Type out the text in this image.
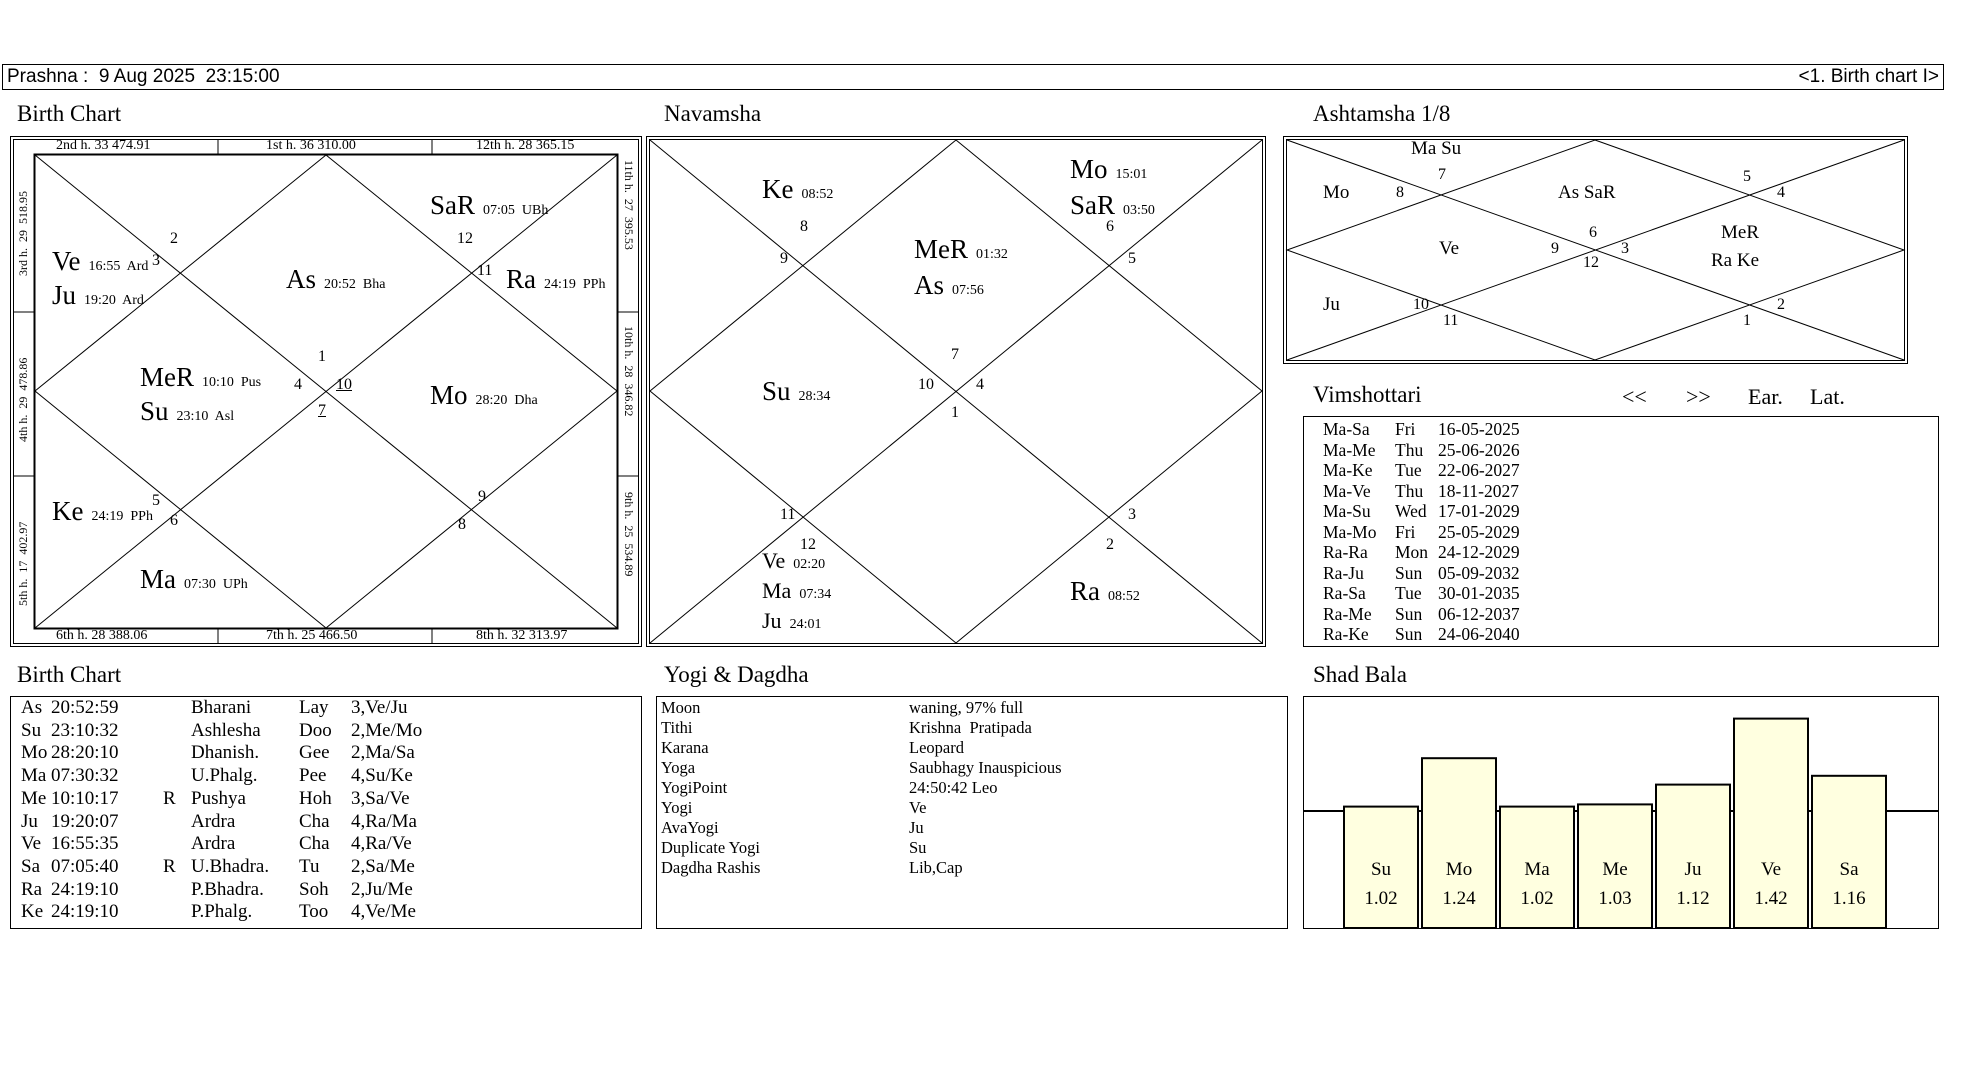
Prashna :  9 Aug 2025  23:15:00	<1. Birth chart I>
Birth Chart	Navamsha	Ashtamsha 1/8
Vimshottari
Birth Chart	Yogi & Dagdha	Shad Bala
2nd h. 33 474.91	1st h. 36 310.00	12th h. 28 365.15
6th h. 28 388.06	7th h. 25 466.50	8th h. 32 313.97
3rd h.  29  518.95
4th h.  29  478.86
5th h.  17  402.97
11th h.  27  395.53
10th h.  28  346.82
9th h.  25  534.89
SaR 07:05  UBh
Ve 16:55  Ard
Ju 19:20  Ard
As 20:52  Bha	Ra 24:19  PPh
MeR 10:10  Pus
Su 23:10  Asl
Mo 28:20  Dha
Ke 24:19  PPh
Ma 07:30  UPh
2
3
12
11
1
4 10
7
5
6
9
8
Ke 08:52
Mo 15:01
SaR 03:50
MeR 01:32
As 07:56
Su 28:34
Ve 02:20
Ma 07:34
Ju 24:01
Ra 08:52
8
9
6
5
7
10	4
1
11
12
3
2
Ma Su
Mo	As SaR
Ve
MeR
Ra Ke
Ju
7
8
5
4
6
9
12
3
10
11	1
2
<< >> Ear. Lat.
Ma-Sa Fri 16-05-2025
Ma-Me Thu 25-06-2026
Ma-Ke Tue 22-06-2027
Ma-Ve Thu 18-11-2027
Ma-Su Wed 17-01-2029
Ma-Mo Fri 25-05-2029
Ra-Ra Mon 24-12-2029
Ra-Ju Sun 05-09-2032
Ra-Sa Tue 30-01-2035
Ra-Me Sun 06-12-2037
Ra-Ke Sun 24-06-2040
As 20:52:59	Bharani	Lay 3,Ve/Ju
Su 23:10:32	Ashlesha Doo 2,Me/Mo
Mo 28:20:10	Dhanish. Gee 2,Ma/Sa
Ma 07:30:32	U.Phalg. Pee 4,Su/Ke
Me 10:10:17 R Pushya	Hoh 3,Sa/Ve
Ju 19:20:07	Ardra	Cha 4,Ra/Ma
Ve 16:55:35	Ardra	Cha 4,Ra/Ve
Sa 07:05:40 R U.Bhadra. Tu 2,Sa/Me
Ra 24:19:10	P.Bhadra. Soh 2,Ju/Me
Ke 24:19:10	P.Phalg. Too 4,Ve/Me
Moon	waning, 97% full
Tithi	Krishna  Pratipada
Karana	Leopard
Yoga	Saubhagy Inauspicious
YogiPoint	24:50:42 Leo
Yogi	Ve
AvaYogi	Ju
Duplicate Yogi	Su
Dagdha Rashis	Lib,Cap	Su
1.02
Mo
1.24
Ma
1.02
Me
1.03
Ju
1.12
Ve
1.42
Sa
1.16
